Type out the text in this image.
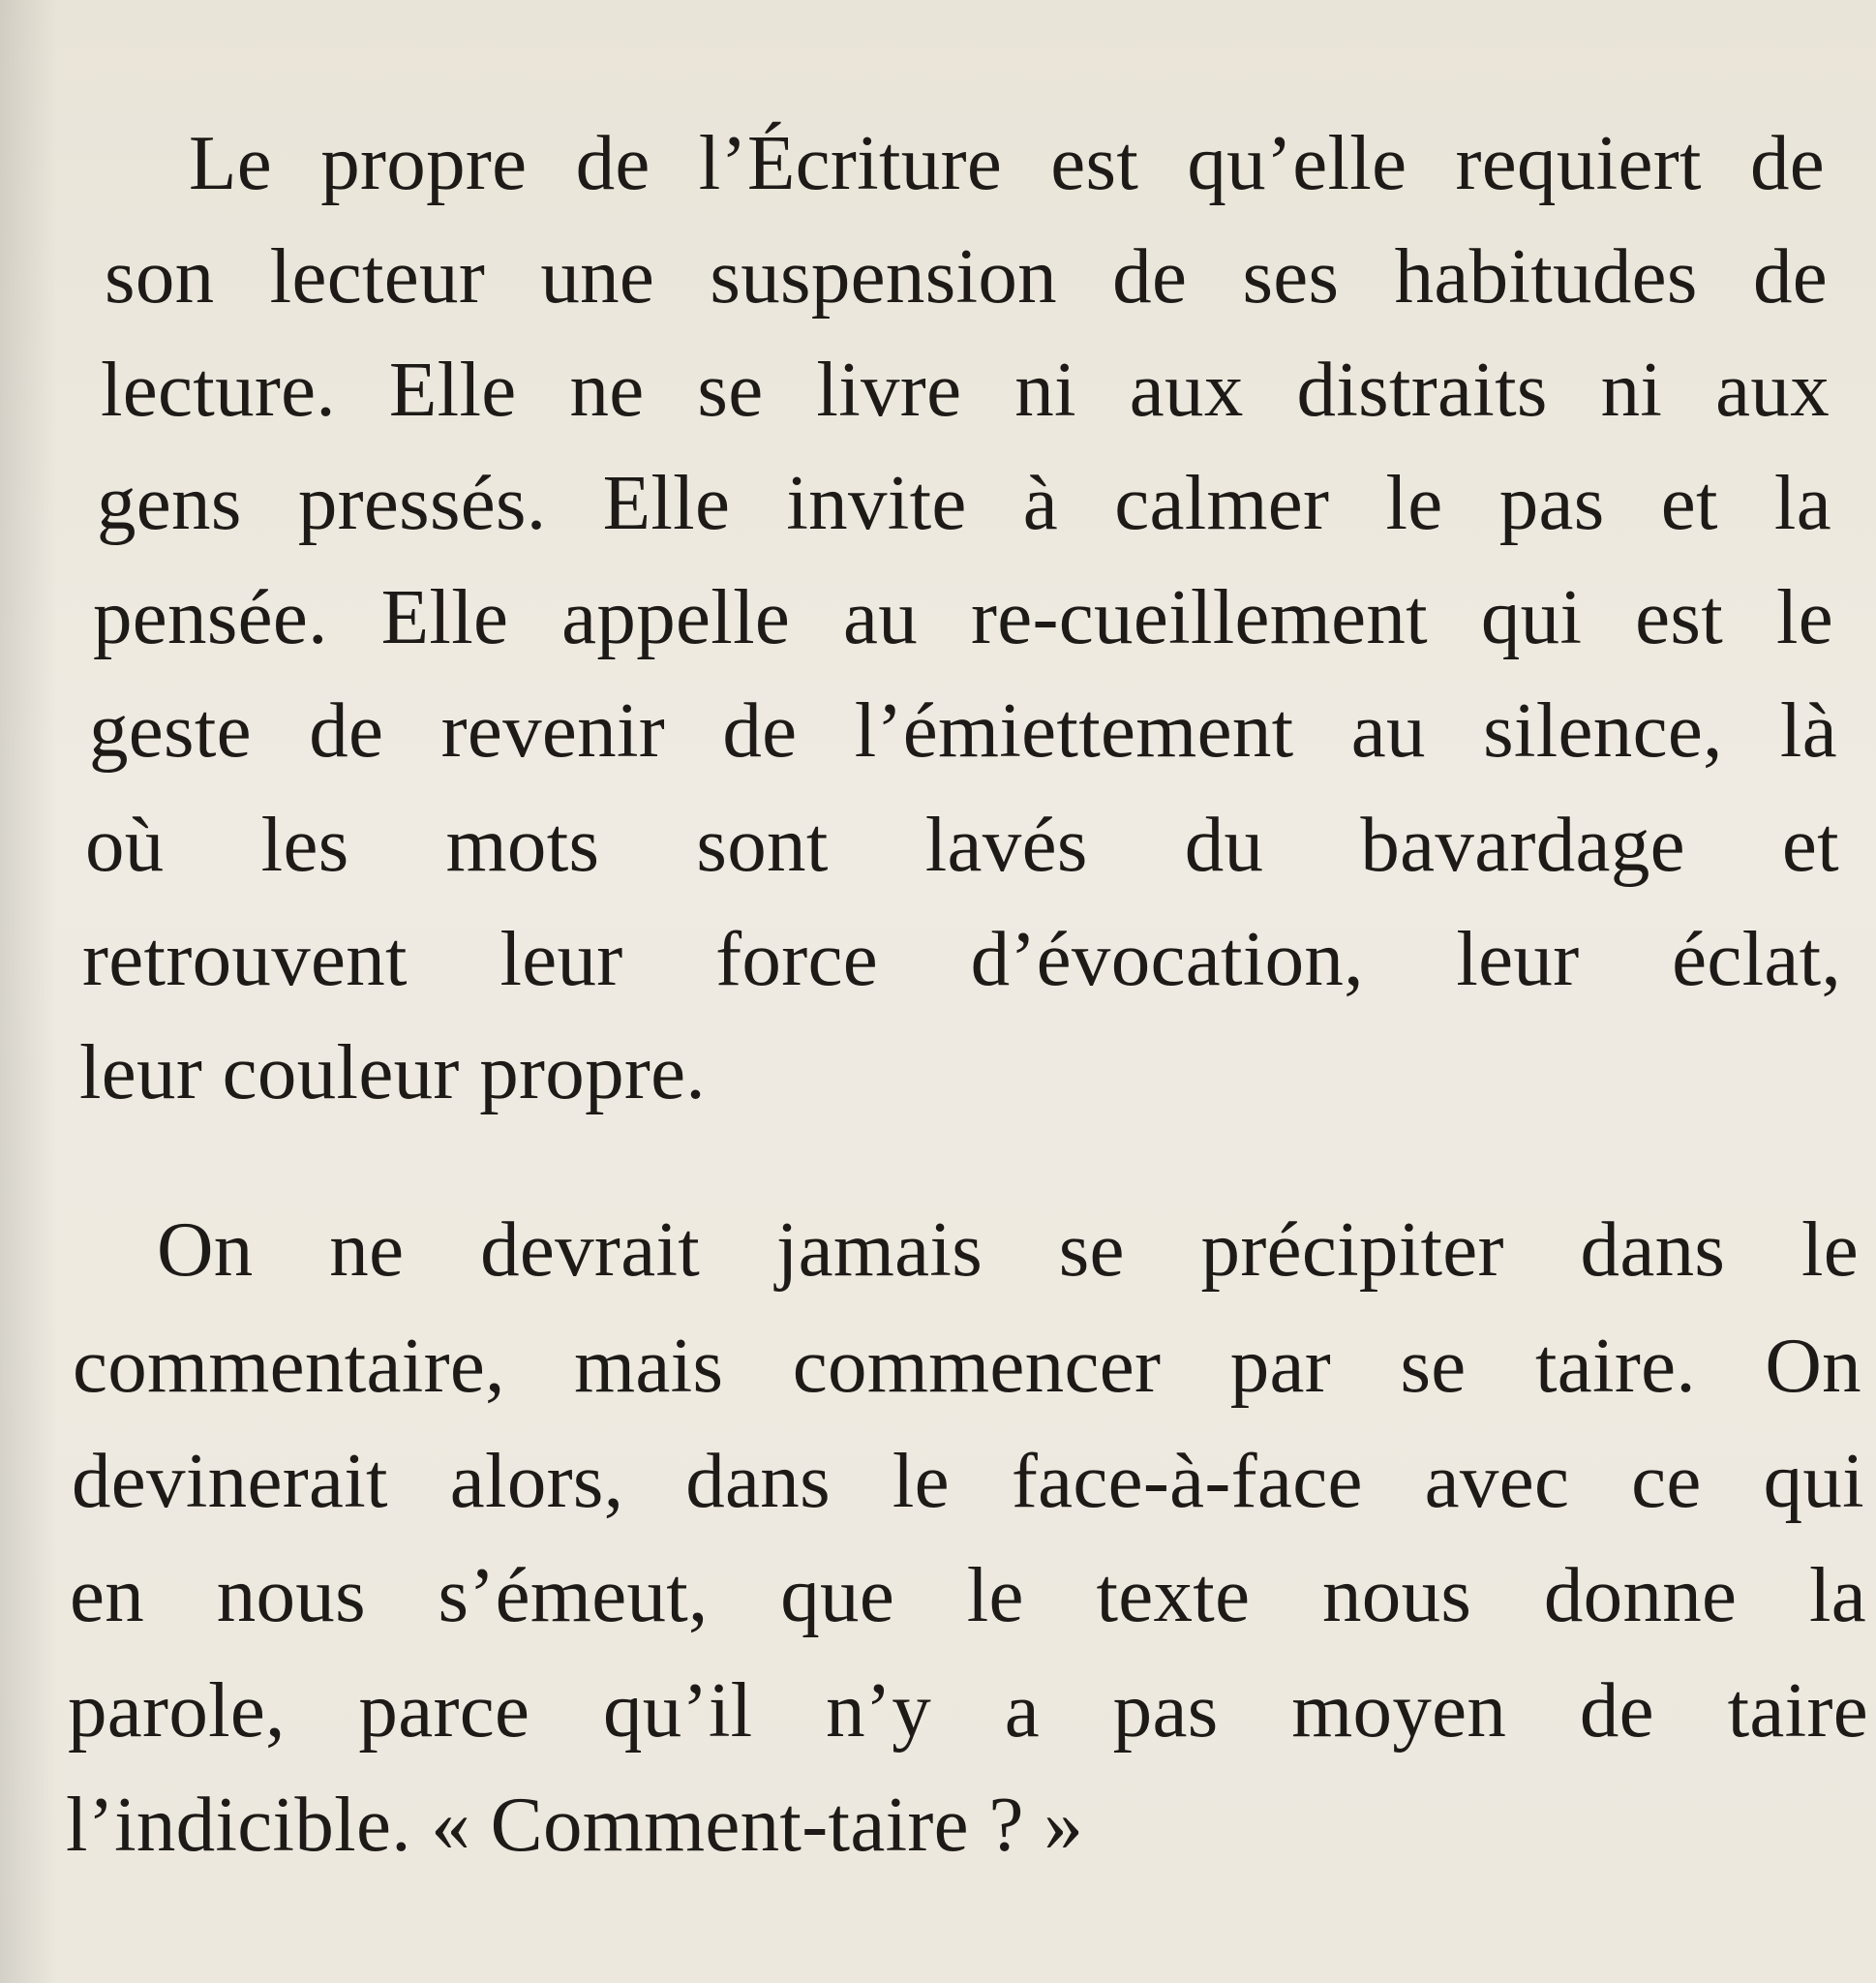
Le propre de l’Écriture est qu’elle requiert de
son lecteur une suspension de ses habitudes de
lecture. Elle ne se livre ni aux distraits ni aux
gens pressés. Elle invite à calmer le pas et la
pensée. Elle appelle au re-cueillement qui est le
geste de revenir de l’émiettement au silence, là
où les mots sont lavés du bavardage et
retrouvent leur force d’évocation, leur éclat,
leur couleur propre.
On ne devrait jamais se précipiter dans le
commentaire, mais commencer par se taire. On
devinerait alors, dans le face-à-face avec ce qui
en nous s’émeut, que le texte nous donne la
parole, parce qu’il n’y a pas moyen de taire
l’indicible. « Comment-taire ? »
